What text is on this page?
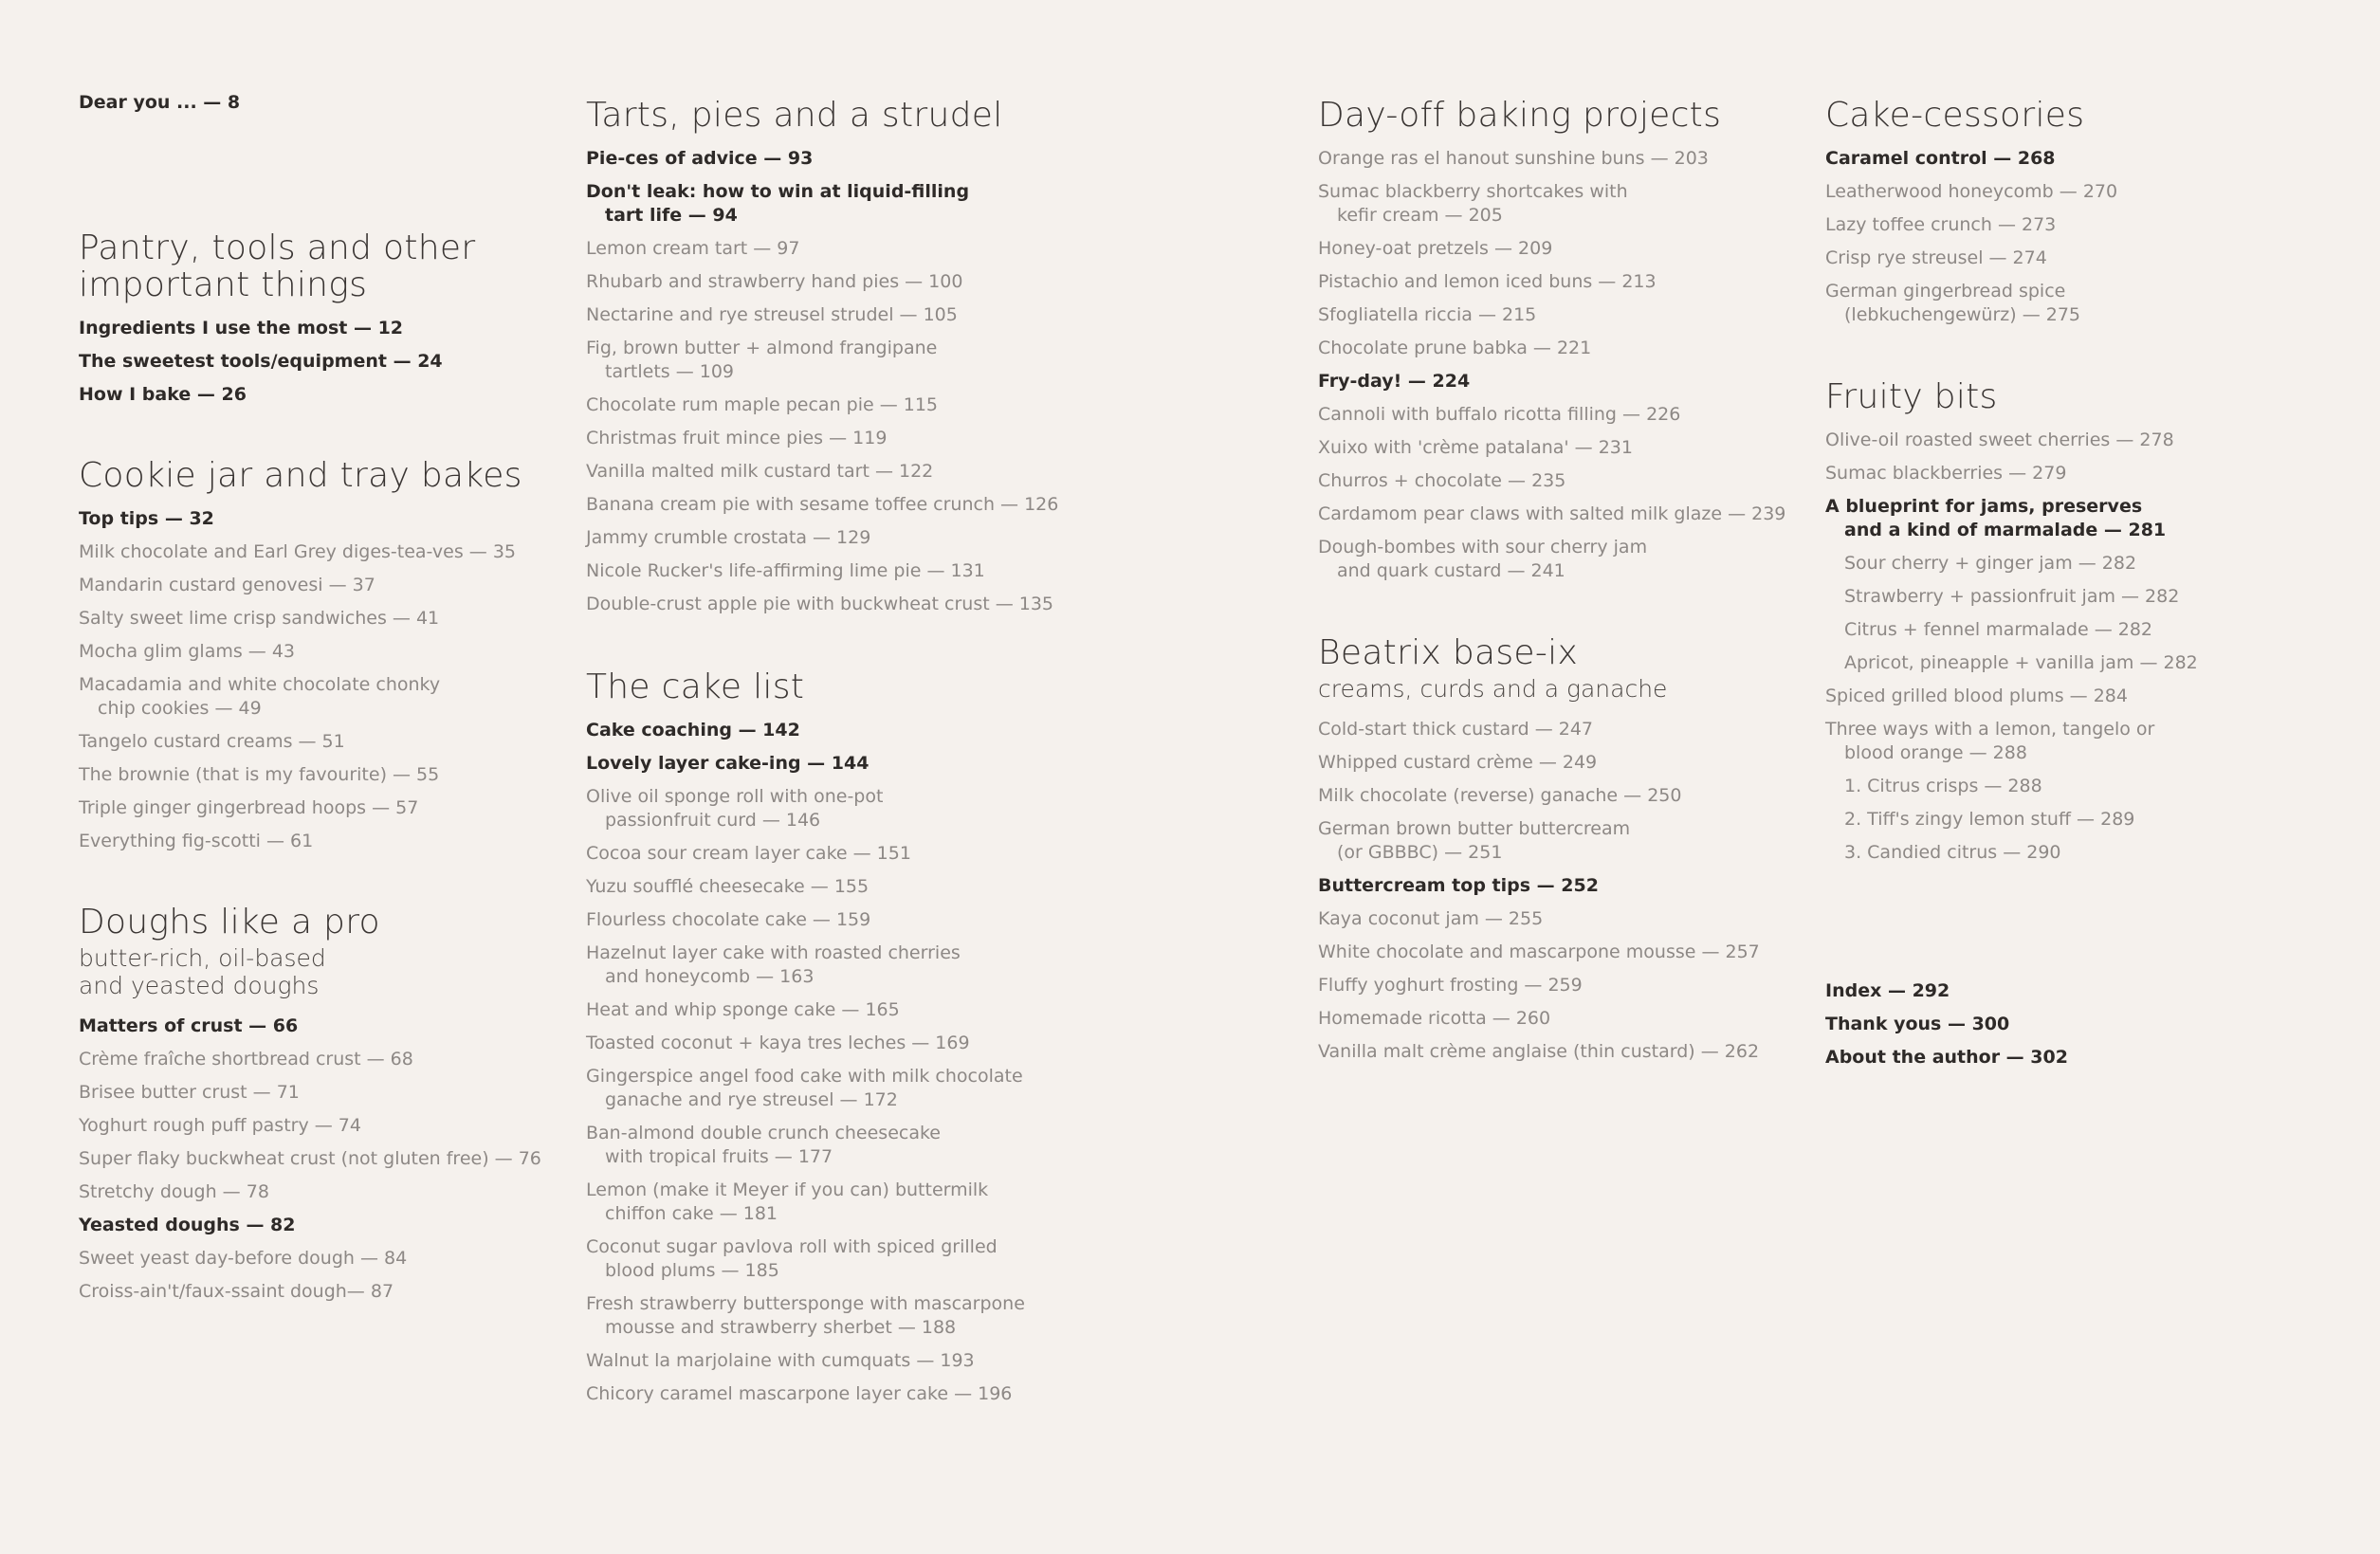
Dear you ... — 8
Pantry, tools and other
important things
Ingredients I use the most — 12
The sweetest tools/equipment — 24
How I bake — 26
Cookie jar and tray bakes
Top tips — 32
Milk chocolate and Earl Grey diges-tea-ves — 35
Mandarin custard genovesi — 37
Salty sweet lime crisp sandwiches — 41
Mocha glim glams — 43
Macadamia and white chocolate chonky
chip cookies — 49
Tangelo custard creams — 51
The brownie (that is my favourite) — 55
Triple ginger gingerbread hoops — 57
Everything fig-scotti — 61
Doughs like a pro
butter-rich, oil-based
and yeasted doughs
Matters of crust — 66
Crème fraîche shortbread crust — 68
Brisee butter crust — 71
Yoghurt rough puff pastry — 74
Super flaky buckwheat crust (not gluten free) — 76
Stretchy dough — 78
Yeasted doughs — 82
Sweet yeast day-before dough — 84
Croiss-ain't/faux-ssaint dough— 87
Tarts, pies and a strudel
Pie-ces of advice — 93
Don't leak: how to win at liquid-filling
tart life — 94
Lemon cream tart — 97
Rhubarb and strawberry hand pies — 100
Nectarine and rye streusel strudel — 105
Fig, brown butter + almond frangipane
tartlets — 109
Chocolate rum maple pecan pie — 115
Christmas fruit mince pies — 119
Vanilla malted milk custard tart — 122
Banana cream pie with sesame toffee crunch — 126
Jammy crumble crostata — 129
Nicole Rucker's life-affirming lime pie — 131
Double-crust apple pie with buckwheat crust — 135
The cake list
Cake coaching — 142
Lovely layer cake-ing — 144
Olive oil sponge roll with one-pot
passionfruit curd — 146
Cocoa sour cream layer cake — 151
Yuzu soufflé cheesecake — 155
Flourless chocolate cake — 159
Hazelnut layer cake with roasted cherries
and honeycomb — 163
Heat and whip sponge cake — 165
Toasted coconut + kaya tres leches — 169
Gingerspice angel food cake with milk chocolate
ganache and rye streusel — 172
Ban-almond double crunch cheesecake
with tropical fruits — 177
Lemon (make it Meyer if you can) buttermilk
chiffon cake — 181
Coconut sugar pavlova roll with spiced grilled
blood plums — 185
Fresh strawberry buttersponge with mascarpone
mousse and strawberry sherbet — 188
Walnut la marjolaine with cumquats — 193
Chicory caramel mascarpone layer cake — 196
Day-off baking projects
Orange ras el hanout sunshine buns — 203
Sumac blackberry shortcakes with
kefir cream — 205
Honey-oat pretzels — 209
Pistachio and lemon iced buns — 213
Sfogliatella riccia — 215
Chocolate prune babka — 221
Fry-day! — 224
Cannoli with buffalo ricotta filling — 226
Xuixo with 'crème patalana' — 231
Churros + chocolate — 235
Cardamom pear claws with salted milk glaze — 239
Dough-bombes with sour cherry jam
and quark custard — 241
Beatrix base-ix
creams, curds and a ganache
Cold-start thick custard — 247
Whipped custard crème — 249
Milk chocolate (reverse) ganache — 250
German brown butter buttercream
(or GBBBC) — 251
Buttercream top tips — 252
Kaya coconut jam — 255
White chocolate and mascarpone mousse — 257
Fluffy yoghurt frosting — 259
Homemade ricotta — 260
Vanilla malt crème anglaise (thin custard) — 262
Cake-cessories
Caramel control — 268
Leatherwood honeycomb — 270
Lazy toffee crunch — 273
Crisp rye streusel — 274
German gingerbread spice
(lebkuchengewürz) — 275
Fruity bits
Olive-oil roasted sweet cherries — 278
Sumac blackberries — 279
A blueprint for jams, preserves
and a kind of marmalade — 281
Sour cherry + ginger jam — 282
Strawberry + passionfruit jam — 282
Citrus + fennel marmalade — 282
Apricot, pineapple + vanilla jam — 282
Spiced grilled blood plums — 284
Three ways with a lemon, tangelo or
blood orange — 288
1. Citrus crisps — 288
2. Tiff's zingy lemon stuff — 289
3. Candied citrus — 290
Index — 292
Thank yous — 300
About the author — 302
